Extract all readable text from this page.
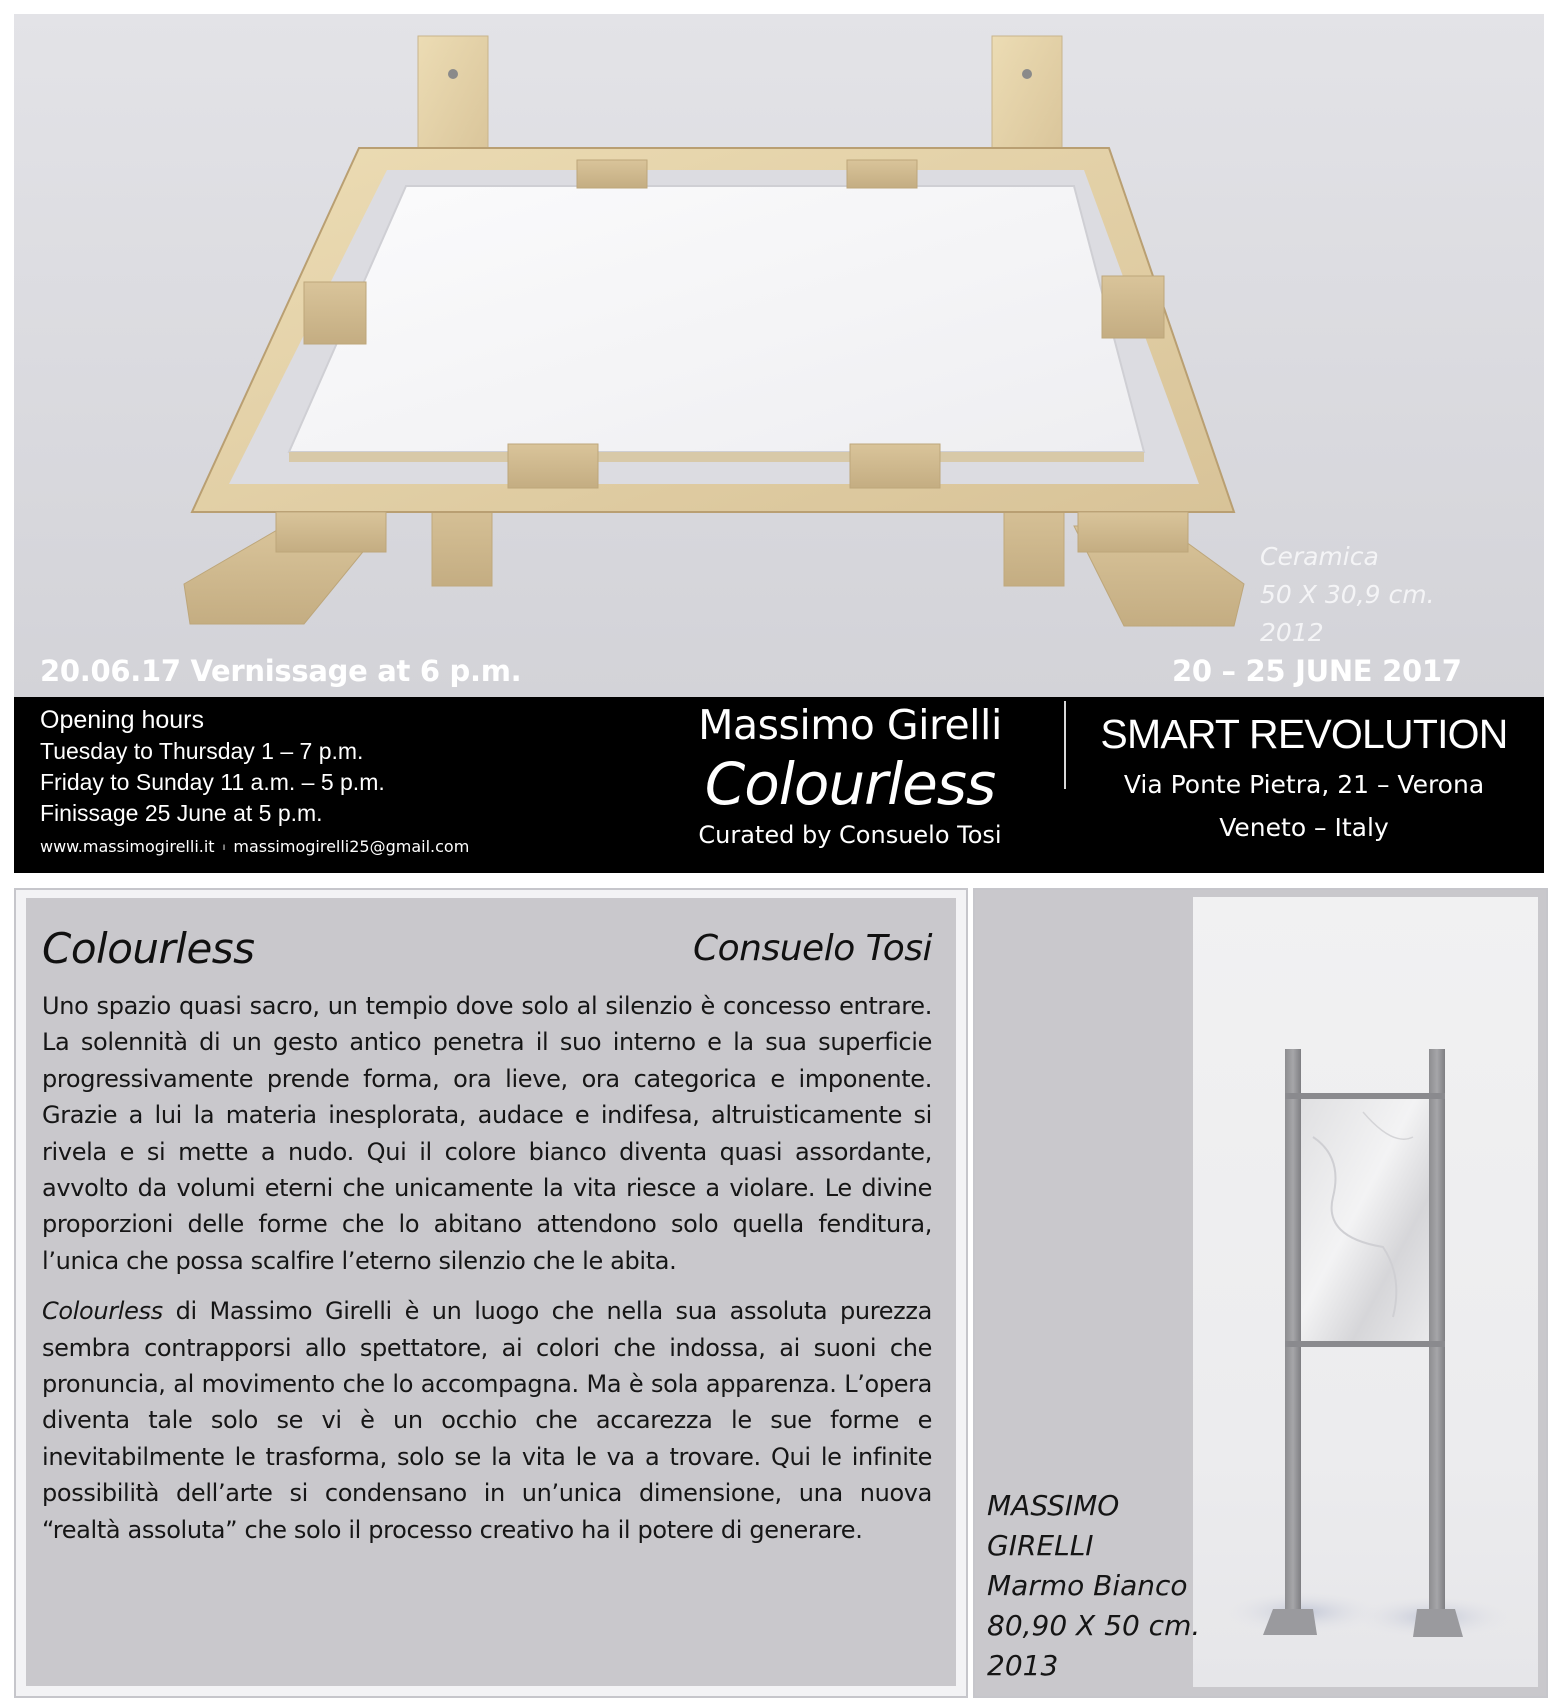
Ceramica
50 X 30,9 cm.
2012
20.06.17 Vernissage at 6 p.m.	20 – 25 JUNE 2017
Opening hours
Tuesday to Thursday 1 – 7 p.m.
Friday to Sunday 11 a.m. – 5 p.m.
Finissage 25 June at 5 p.m.
www.massimogirelli.it ı massimogirelli25@gmail.com
Massimo Girelli
Colourless
Curated by Consuelo Tosi
SMART REVOLUTION
Via Ponte Pietra, 21 – Verona
Veneto – Italy
Colourless	Consuelo Tosi

Uno spazio quasi sacro, un tempio dove solo al silenzio è concesso entrare. La solennità di un gesto antico penetra il suo interno e la sua superficie progressivamente prende forma, ora lieve, ora categorica e imponente. Grazie a lui la materia inesplorata, audace e indifesa, altruisticamente si rivela e si mette a nudo. Qui il colore bianco diventa quasi assordante, avvolto da volumi eterni che unicamente la vita riesce a violare. Le divine proporzioni delle forme che lo abitano attendono solo quella fenditura, l’unica che possa scalfire l’eterno silenzio che le abita.

Colourless di Massimo Girelli è un luogo che nella sua assoluta purezza sembra contrapporsi allo spettatore, ai colori che indossa, ai suoni che pronuncia, al movimento che lo accompagna. Ma è sola apparenza. L’opera diventa tale solo se vi è un occhio che accarezza le sue forme e inevitabilmente le trasforma, solo se la vita le va a trovare. Qui le infinite possibilità dell’arte si condensano in un’unica dimensione, una nuova “realtà assoluta” che solo il processo creativo ha il potere di generare.

MASSIMO
GIRELLI
Marmo Bianco
80,90 X 50 cm.
2013
